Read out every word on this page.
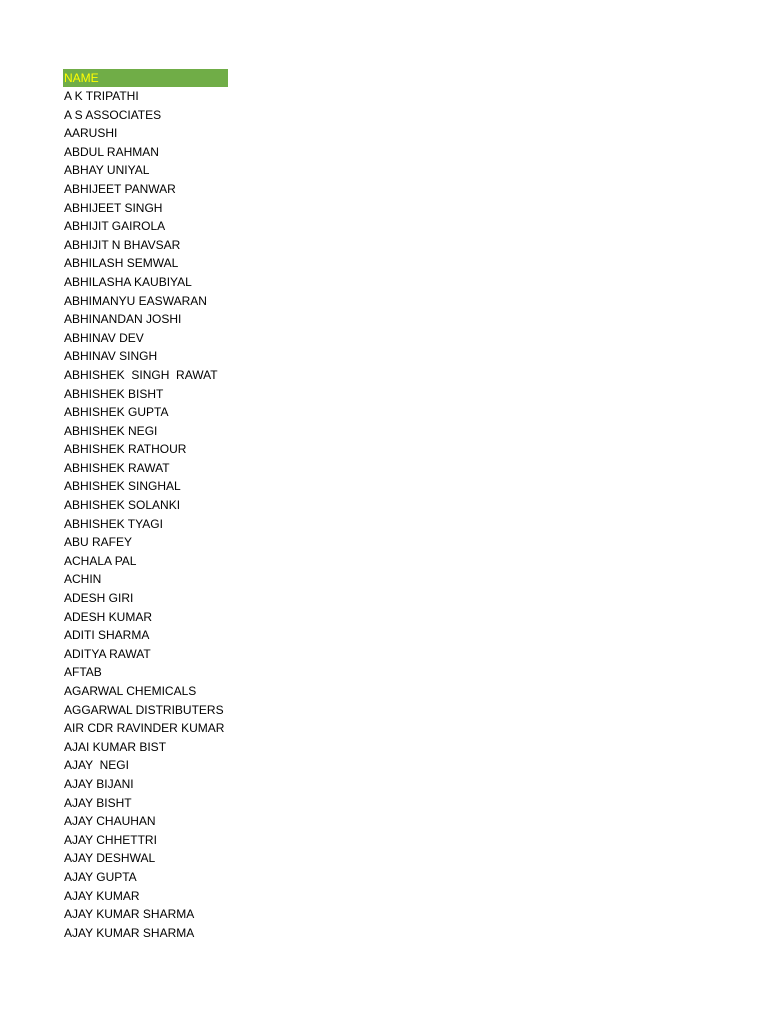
NAME
A K TRIPATHI
A S ASSOCIATES
AARUSHI
ABDUL RAHMAN
ABHAY UNIYAL
ABHIJEET PANWAR
ABHIJEET SINGH
ABHIJIT GAIROLA
ABHIJIT N BHAVSAR
ABHILASH SEMWAL
ABHILASHA KAUBIYAL
ABHIMANYU EASWARAN
ABHINANDAN JOSHI
ABHINAV DEV
ABHINAV SINGH
ABHISHEK  SINGH  RAWAT
ABHISHEK BISHT
ABHISHEK GUPTA
ABHISHEK NEGI
ABHISHEK RATHOUR
ABHISHEK RAWAT
ABHISHEK SINGHAL
ABHISHEK SOLANKI
ABHISHEK TYAGI
ABU RAFEY
ACHALA PAL
ACHIN
ADESH GIRI
ADESH KUMAR
ADITI SHARMA
ADITYA RAWAT
AFTAB
AGARWAL CHEMICALS
AGGARWAL DISTRIBUTERS
AIR CDR RAVINDER KUMAR
AJAI KUMAR BIST
AJAY  NEGI
AJAY BIJANI
AJAY BISHT
AJAY CHAUHAN
AJAY CHHETTRI
AJAY DESHWAL
AJAY GUPTA
AJAY KUMAR
AJAY KUMAR SHARMA
AJAY KUMAR SHARMA
